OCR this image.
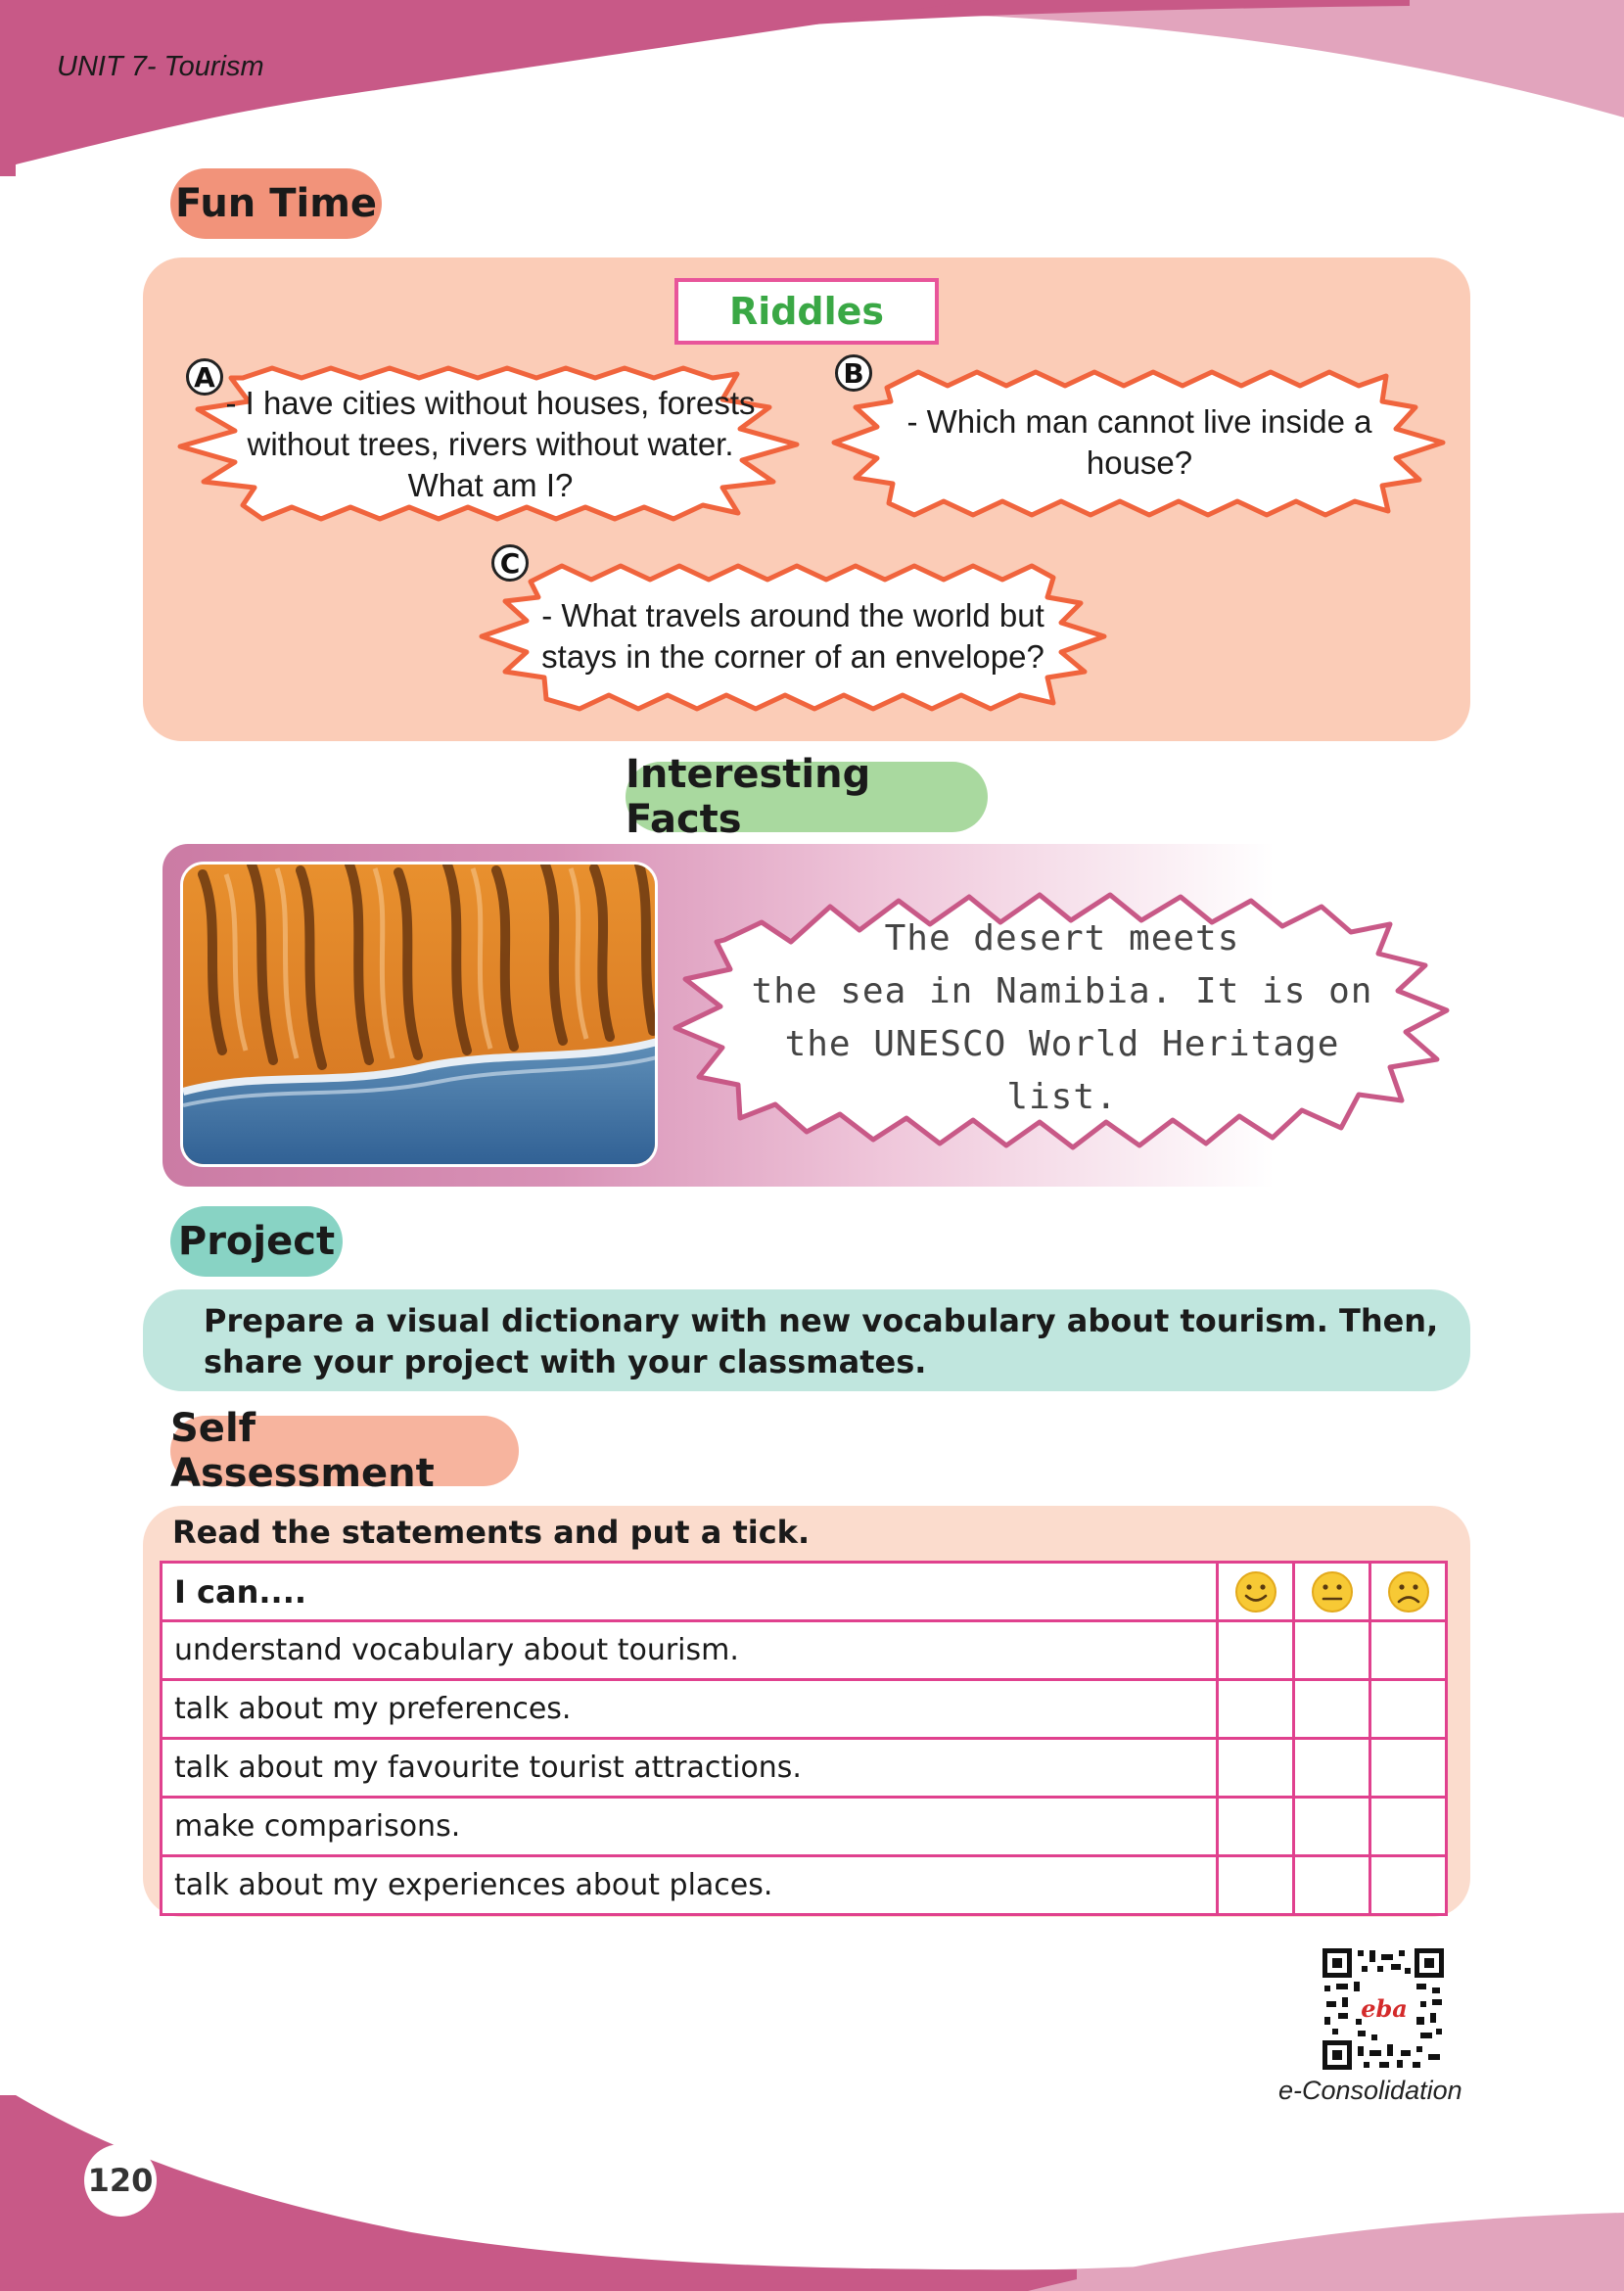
UNIT 7- Tourism
Fun Time
Riddles
- I have cities without houses, forests without trees, rivers without water. What am I?
A
- Which man cannot live inside a house?
B
- What travels around the world but stays in the corner of an envelope?
C
Interesting Facts
The desert meets
the sea in Namibia. It is on
the UNESCO World Heritage list.
Project
Prepare a visual dictionary with new vocabulary about tourism. Then, share your project with your classmates.
Self Assessment
Read the statements and put a tick.
I can....			
understand vocabulary about tourism.			
talk about my preferences.			
talk about my favourite tourist attractions.			
make comparisons.			
talk about my experiences about places.			
eba
e-Consolidation
120
